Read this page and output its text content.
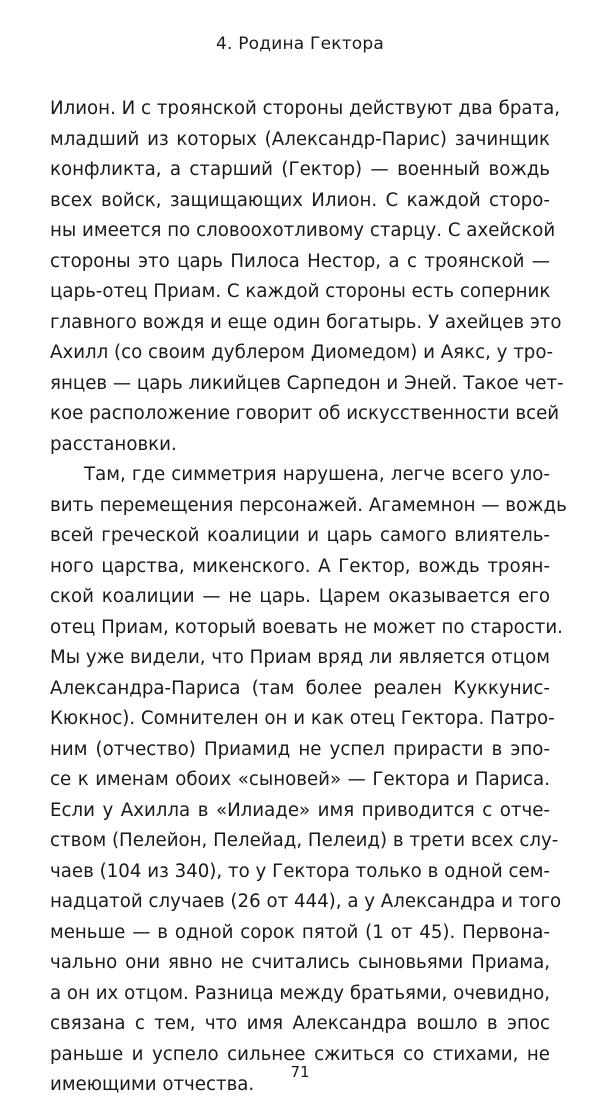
4. Родина Гектора
Илион. И с троянской стороны действуют два брата,
младший из которых (Александр-Парис) зачинщик
конфликта, а старший (Гектор) — военный вождь
всех войск, защищающих Илион. С каждой сторо-
ны имеется по словоохотливому старцу. С ахейской
стороны это царь Пилоса Нестор, а с троянской —
царь-отец Приам. С каждой стороны есть соперник
главного вождя и еще один богатырь. У ахейцев это
Ахилл (со своим дублером Диомедом) и Аякс, у тро-
янцев — царь ликийцев Сарпедон и Эней. Такое чет-
кое расположение говорит об искусственности всей
расстановки.
Там, где симметрия нарушена, легче всего уло-
вить перемещения персонажей. Агамемнон — вождь
всей греческой коалиции и царь самого влиятель-
ного царства, микенского. А Гектор, вождь троян-
ской коалиции — не царь. Царем оказывается его
отец Приам, который воевать не может по старости.
Мы уже видели, что Приам вряд ли является отцом
Александра-Париса (там более реален Куккунис-
Кюкнос). Сомнителен он и как отец Гектора. Патро-
ним (отчество) Приамид не успел прирасти в эпо-
се к именам обоих «сыновей» — Гектора и Париса.
Если у Ахилла в «Илиаде» имя приводится с отче-
ством (Пелейон, Пелейад, Пелеид) в трети всех слу-
чаев (104 из 340), то у Гектора только в одной сем-
надцатой случаев (26 от 444), а у Александра и того
меньше — в одной сорок пятой (1 от 45). Первона-
чально они явно не считались сыновьями Приама,
а он их отцом. Разница между братьями, очевидно,
связана с тем, что имя Александра вошло в эпос
раньше и успело сильнее сжиться со стихами, не
имеющими отчества.
71
